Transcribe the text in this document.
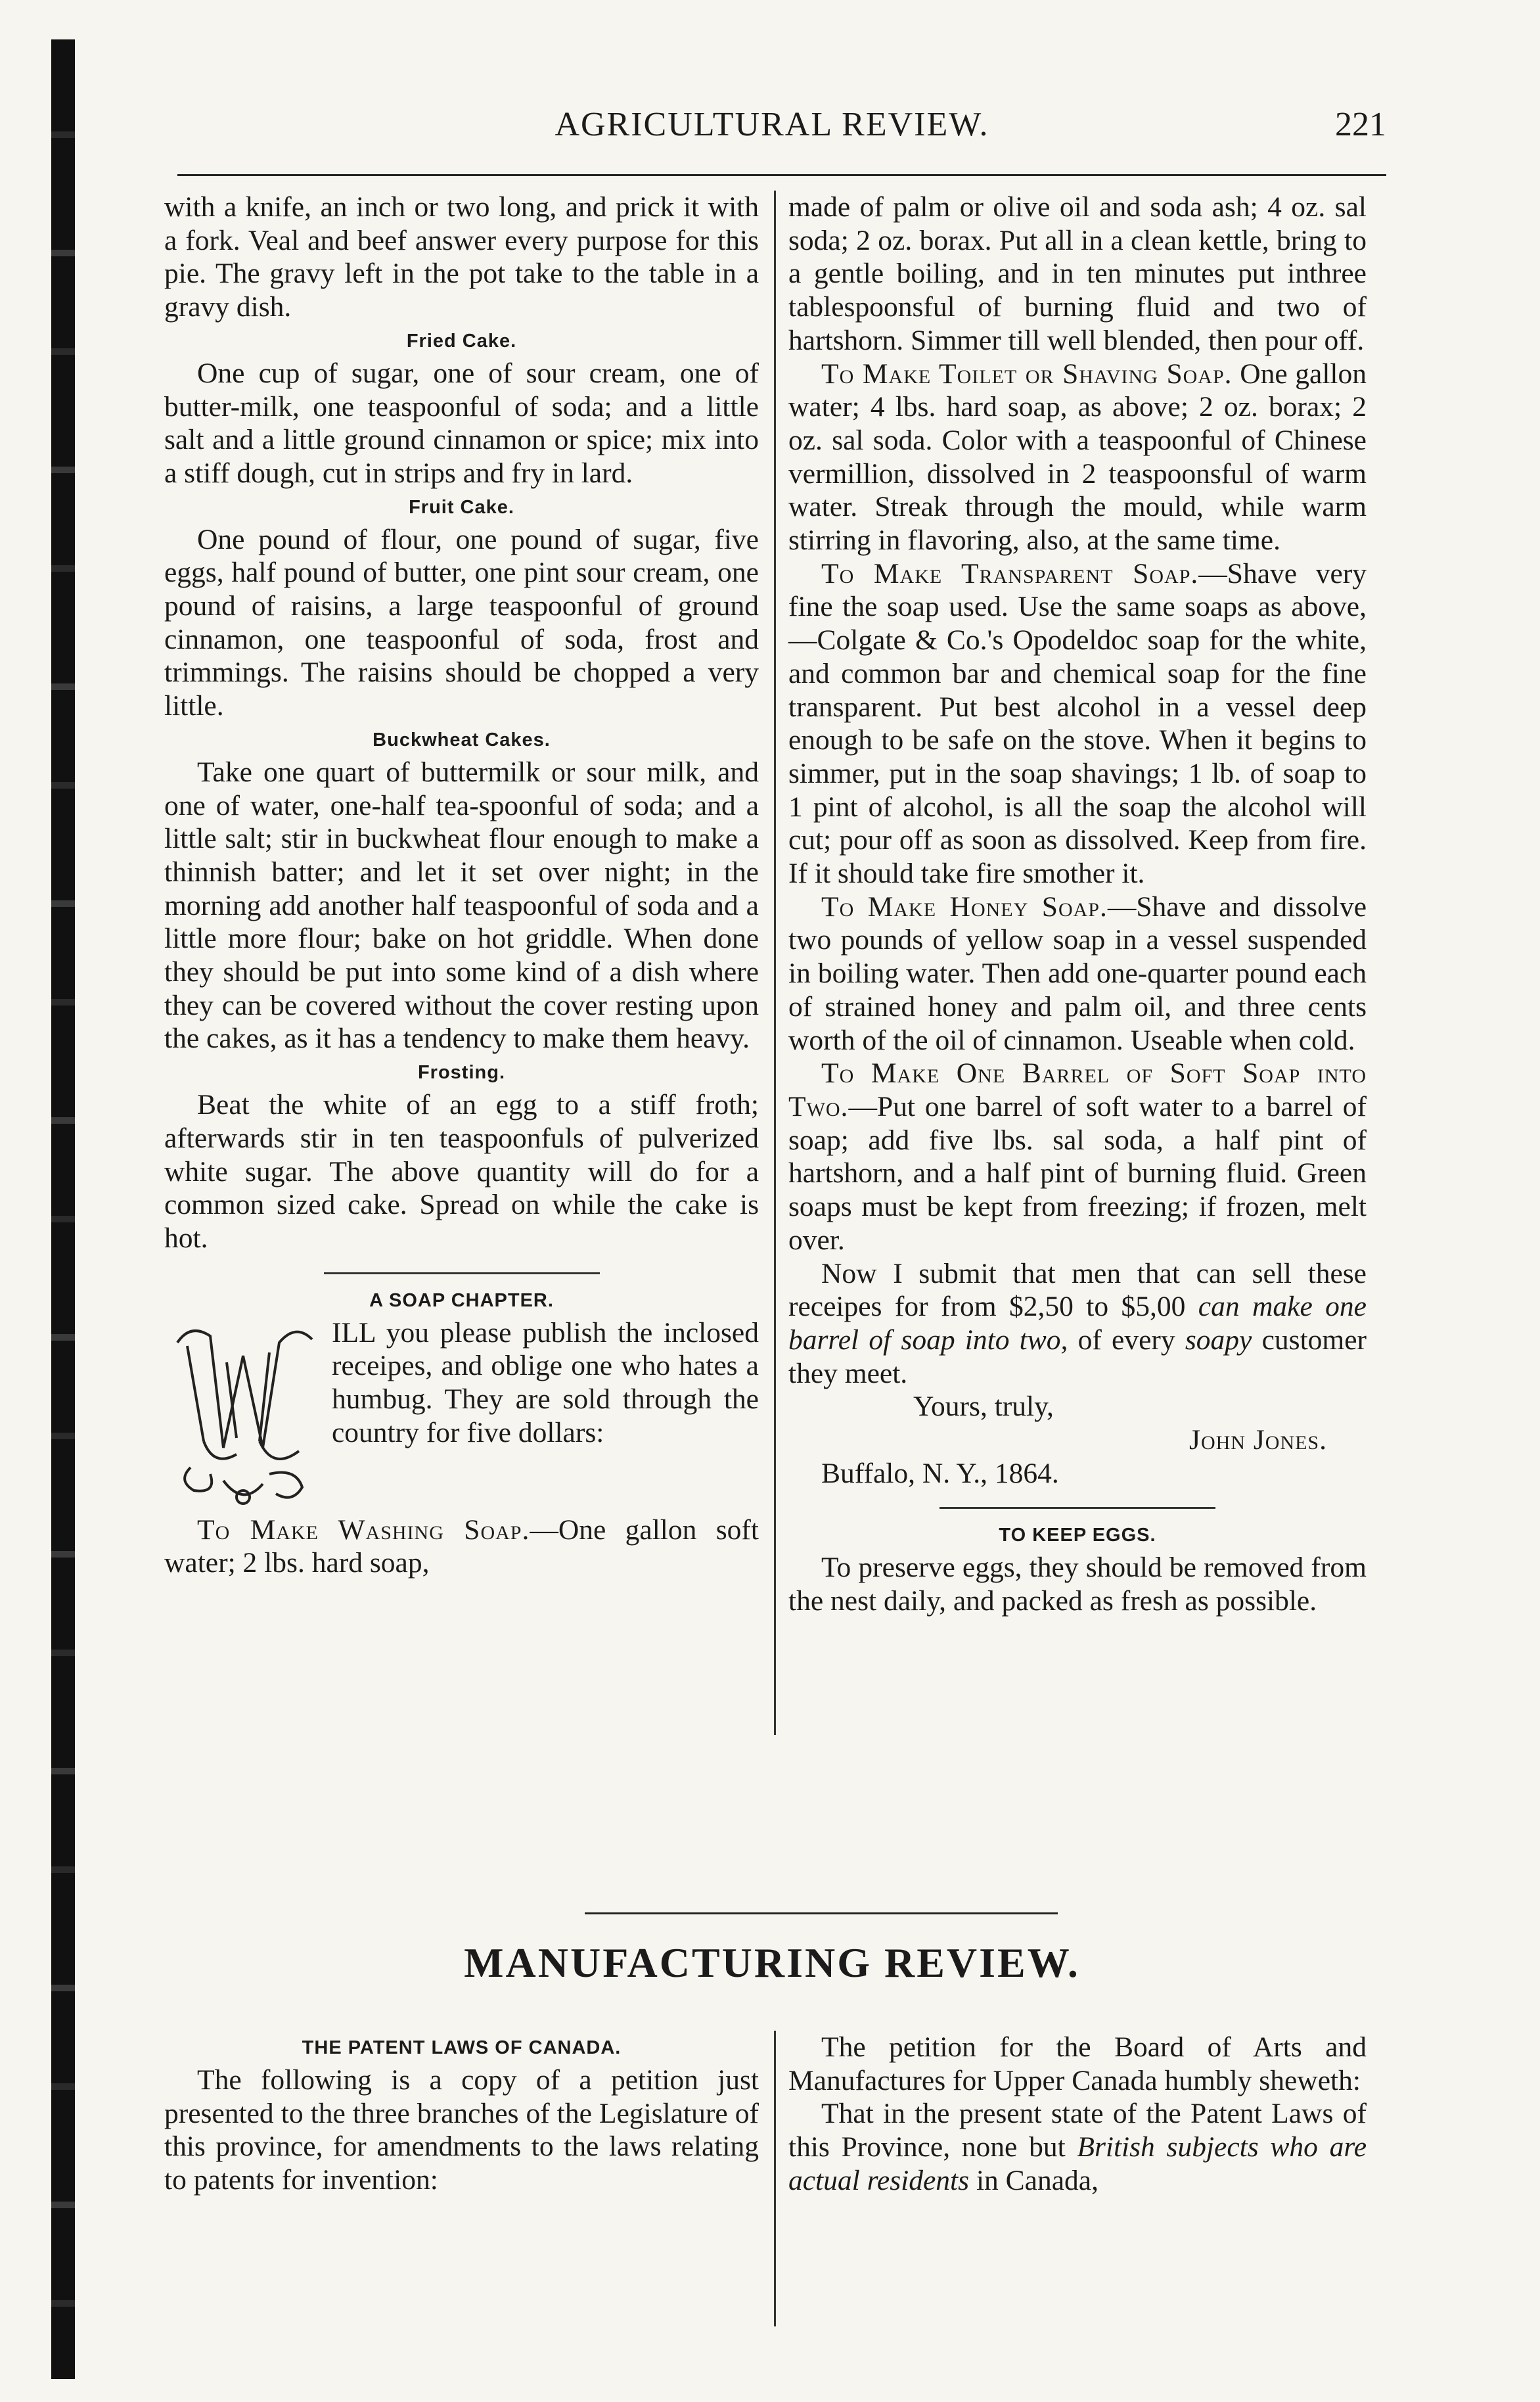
AGRICULTURAL REVIEW.	221

with a knife, an inch or two long, and prick it with a fork. Veal and beef answer every purpose for this pie. The gravy left in the pot take to the table in a gravy dish.

Fried Cake.

One cup of sugar, one of sour cream, one of butter-milk, one teaspoonful of soda; and a little salt and a little ground cinnamon or spice; mix into a stiff dough, cut in strips and fry in lard.

Fruit Cake.

One pound of flour, one pound of sugar, five eggs, half pound of butter, one pint sour cream, one pound of raisins, a large teaspoonful of ground cinnamon, one teaspoonful of soda, frost and trimmings. The raisins should be chopped a very little.

Buckwheat Cakes.

Take one quart of buttermilk or sour milk, and one of water, one-half tea-spoonful of soda; and a little salt; stir in buckwheat flour enough to make a thinnish batter; and let it set over night; in the morning add another half teaspoonful of soda and a little more flour; bake on hot griddle. When done they should be put into some kind of a dish where they can be covered without the cover resting upon the cakes, as it has a tendency to make them heavy.

Frosting.

Beat the white of an egg to a stiff froth; afterwards stir in ten teaspoonfuls of pulverized white sugar. The above quantity will do for a common sized cake. Spread on while the cake is hot.

A SOAP CHAPTER.

ILL you please publish the inclosed receipes, and oblige one who hates a humbug. They are sold through the country for five dollars:

To Make Washing Soap.—One gallon soft water; 2 lbs. hard soap,

made of palm or olive oil and soda ash; 4 oz. sal soda; 2 oz. borax. Put all in a clean kettle, bring to a gentle boiling, and in ten minutes put inthree tablespoonsful of burning fluid and two of hartshorn. Simmer till well blended, then pour off.

To Make Toilet or Shaving Soap. One gallon water; 4 lbs. hard soap, as above; 2 oz. borax; 2 oz. sal soda. Color with a teaspoonful of Chinese vermillion, dissolved in 2 teaspoonsful of warm water. Streak through the mould, while warm stirring in flavoring, also, at the same time.

To Make Transparent Soap.—Shave very fine the soap used. Use the same soaps as above,—Colgate & Co.'s Opodeldoc soap for the white, and common bar and chemical soap for the fine transparent. Put best alcohol in a vessel deep enough to be safe on the stove. When it begins to simmer, put in the soap shavings; 1 lb. of soap to 1 pint of alcohol, is all the soap the alcohol will cut; pour off as soon as dissolved. Keep from fire. If it should take fire smother it.

To Make Honey Soap.—Shave and dissolve two pounds of yellow soap in a vessel suspended in boiling water. Then add one-quarter pound each of strained honey and palm oil, and three cents worth of the oil of cinnamon. Useable when cold.

To Make One Barrel of Soft Soap into Two.—Put one barrel of soft water to a barrel of soap; add five lbs. sal soda, a half pint of hartshorn, and a half pint of burning fluid. Green soaps must be kept from freezing; if frozen, melt over.

Now I submit that men that can sell these receipes for from $2,50 to $5,00 can make one barrel of soap into two, of every soapy customer they meet.

Yours, truly,

John Jones.

Buffalo, N. Y., 1864.

TO KEEP EGGS.

To preserve eggs, they should be removed from the nest daily, and packed as fresh as possible.

MANUFACTURING REVIEW.
THE PATENT LAWS OF CANADA.

The following is a copy of a petition just presented to the three branches of the Legislature of this province, for amendments to the laws relating to patents for invention:

The petition for the Board of Arts and Manufactures for Upper Canada humbly sheweth:

That in the present state of the Patent Laws of this Province, none but British subjects who are actual residents in Canada,
